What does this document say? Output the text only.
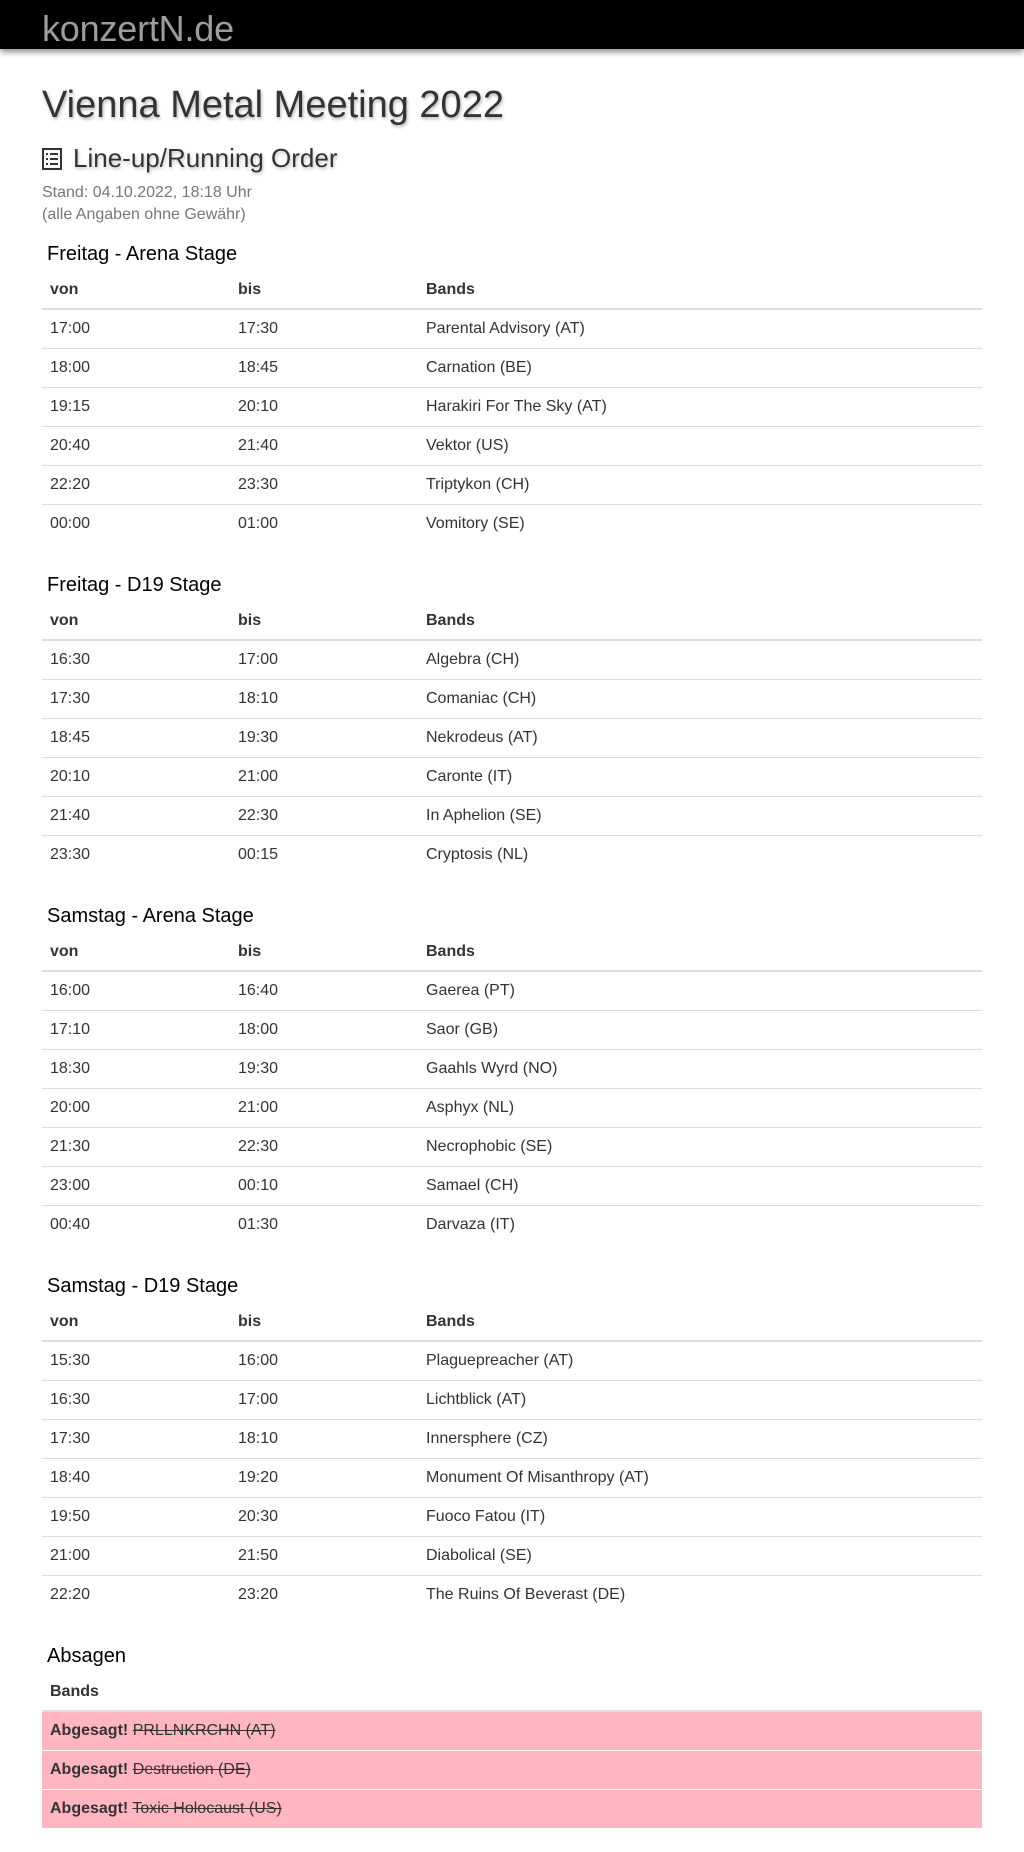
konzertN.de
Vienna Metal Meeting 2022
Line-up/Running Order
Stand: 04.10.2022, 18:18 Uhr
(alle Angaben ohne Gewähr)
Freitag - Arena Stage
von	bis	Bands
17:00	17:30	Parental Advisory (AT)
18:00	18:45	Carnation (BE)
19:15	20:10	Harakiri For The Sky (AT)
20:40	21:40	Vektor (US)
22:20	23:30	Triptykon (CH)
00:00	01:00	Vomitory (SE)
Freitag - D19 Stage
von	bis	Bands
16:30	17:00	Algebra (CH)
17:30	18:10	Comaniac (CH)
18:45	19:30	Nekrodeus (AT)
20:10	21:00	Caronte (IT)
21:40	22:30	In Aphelion (SE)
23:30	00:15	Cryptosis (NL)
Samstag - Arena Stage
von	bis	Bands
16:00	16:40	Gaerea (PT)
17:10	18:00	Saor (GB)
18:30	19:30	Gaahls Wyrd (NO)
20:00	21:00	Asphyx (NL)
21:30	22:30	Necrophobic (SE)
23:00	00:10	Samael (CH)
00:40	01:30	Darvaza (IT)
Samstag - D19 Stage
von	bis	Bands
15:30	16:00	Plaguepreacher (AT)
16:30	17:00	Lichtblick (AT)
17:30	18:10	Innersphere (CZ)
18:40	19:20	Monument Of Misanthropy (AT)
19:50	20:30	Fuoco Fatou (IT)
21:00	21:50	Diabolical (SE)
22:20	23:20	The Ruins Of Beverast (DE)
Absagen
Bands
Abgesagt! PRLLNKRCHN (AT)
Abgesagt! Destruction (DE)
Abgesagt! Toxic Holocaust (US)
